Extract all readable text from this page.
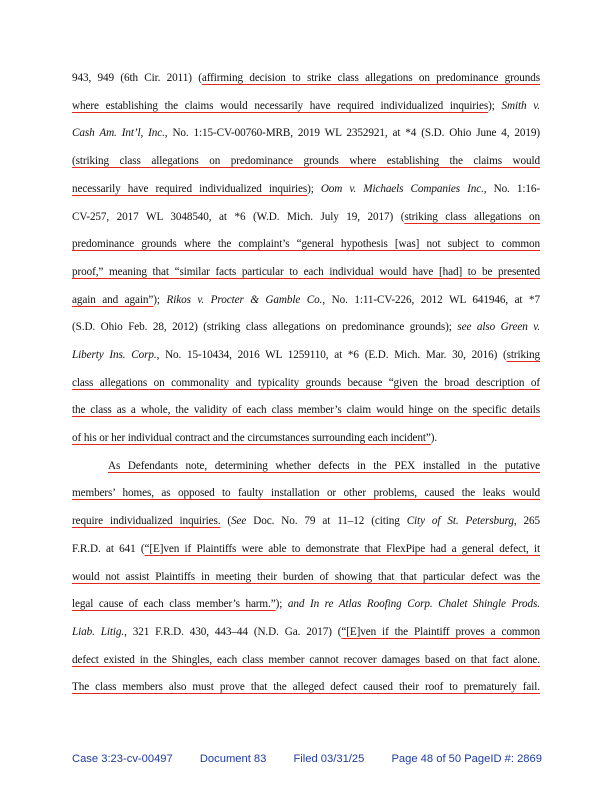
943, 949 (6th Cir. 2011) (affirming decision to strike class allegations on predominance grounds
where establishing the claims would necessarily have required individualized inquiries); Smith v.
Cash Am. Int’l, Inc., No. 1:15-CV-00760-MRB, 2019 WL 2352921, at *4 (S.D. Ohio June 4, 2019)
(striking class allegations on predominance grounds where establishing the claims would
necessarily have required individualized inquiries); Oom v. Michaels Companies Inc., No. 1:16-
CV-257, 2017 WL 3048540, at *6 (W.D. Mich. July 19, 2017) (striking class allegations on
predominance grounds where the complaint’s “general hypothesis [was] not subject to common
proof,” meaning that “similar facts particular to each individual would have [had] to be presented
again and again”); Rikos v. Procter & Gamble Co., No. 1:11-CV-226, 2012 WL 641946, at *7
(S.D. Ohio Feb. 28, 2012) (striking class allegations on predominance grounds); see also Green v.
Liberty Ins. Corp., No. 15-10434, 2016 WL 1259110, at *6 (E.D. Mich. Mar. 30, 2016) (striking
class allegations on commonality and typicality grounds because “given the broad description of
the class as a whole, the validity of each class member’s claim would hinge on the specific details
of his or her individual contract and the circumstances surrounding each incident”).
As Defendants note, determining whether defects in the PEX installed in the putative
members’ homes, as opposed to faulty installation or other problems, caused the leaks would
require individualized inquiries. (See Doc. No. 79 at 11–12 (citing City of St. Petersburg, 265
F.R.D. at 641 (“[E]ven if Plaintiffs were able to demonstrate that FlexPipe had a general defect, it
would not assist Plaintiffs in meeting their burden of showing that that particular defect was the
legal cause of each class member’s harm.”); and In re Atlas Roofing Corp. Chalet Shingle Prods.
Liab. Litig., 321 F.R.D. 430, 443–44 (N.D. Ga. 2017) (“[E]ven if the Plaintiff proves a common
defect existed in the Shingles, each class member cannot recover damages based on that fact alone.
The class members also must prove that the alleged defect caused their roof to prematurely fail.
Case 3:23-cv-00497 Document 83 Filed 03/31/25 Page 48 of 50 PageID #: 2869
